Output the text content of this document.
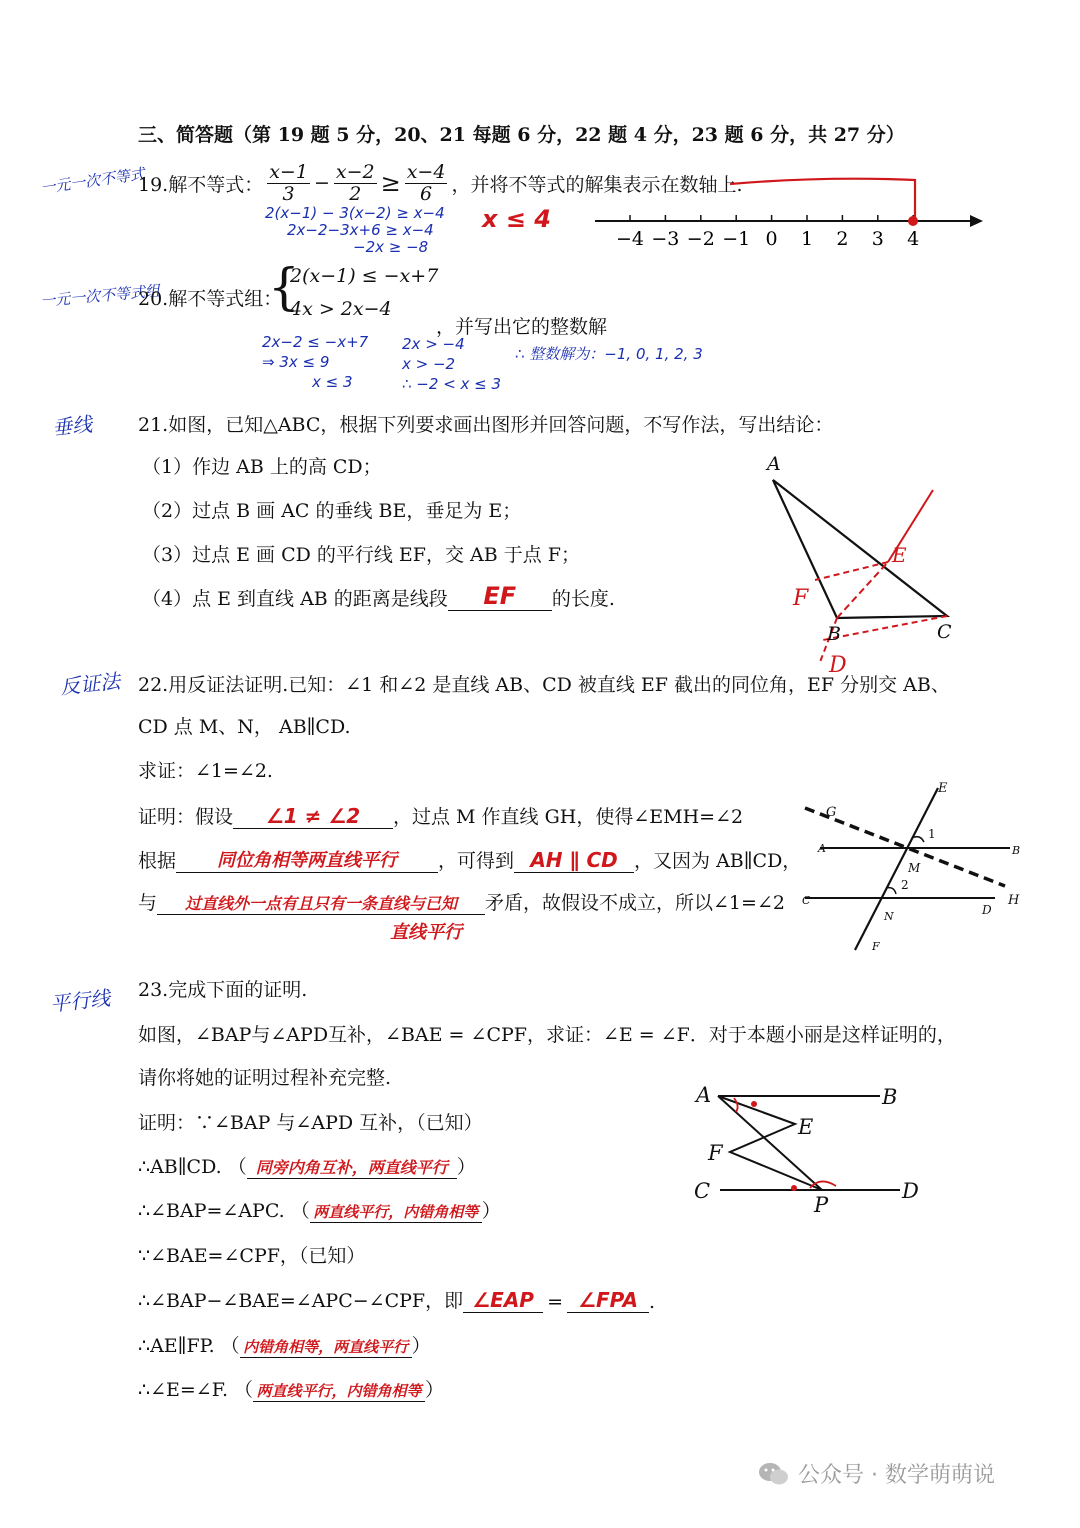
三、简答题（第 19 题 5 分，20、21 每题 6 分，22 题 4 分，23 题 6 分，共 27 分）
一元一次不等式
19.解不等式： $\frac{x-1}{3} - \frac{x-2}{2} \ge \frac{x-4}{6}$ ，并将不等式的解集表示在数轴上.
2(x−1) − 3(x−2) ≥ x−4
2x−2−3x+6 ≥ x−4
−2x ≥ −8
x ≤ 4
−4 −3 −2 −1 0 1 2 3 4
一元一次不等式组
20.解不等式组：
{
2(x−1) ≤ −x+7
4x > 2x−4
，并写出它的整数解
2x−2 ≤ −x+7
⇒ 3x ≤ 9
x ≤ 3
2x > −4
x > −2
∴ −2 < x ≤ 3
∴ 整数解为：−1, 0, 1, 2, 3
垂线 21.如图，已知△ABC，根据下列要求画出图形并回答问题，不写作法，写出结论：
（1）作边 AB 上的高 CD；
（2）过点 B 画 AC 的垂线 BE，垂足为 E；
（3）过点 E 画 CD 的平行线 EF，交 AB 于点 F；
（4）点 E 到直线 AB 的距离是线段	EF	的长度.
A
B	C
D
E
F
反证法 22.用反证法证明.已知：∠1 和∠2 是直线 AB、CD 被直线 EF 截出的同位角，EF 分别交 AB、
CD 点 M、N， AB∥CD.
求证：∠1=∠2.
证明：假设	∠1 ≠ ∠2	，过点 M 作直线 GH，使得∠EMH=∠2
根据	同位角相等两直线平行	，可得到 AH ∥ CD ，又因为 AB∥CD，
与	过直线外一点有且只有一条直线与已知	矛盾，故假设不成立，所以∠1=∠2
直线平行
E
G
A	B
M
1
2
C
D
H
N
F
平行线 23.完成下面的证明.
如图，∠BAP与∠APD互补，∠BAE = ∠CPF，求证：∠E = ∠F．对于本题小丽是这样证明的，
请你将她的证明过程补充完整.
证明：∵∠BAP 与∠APD 互补，（已知）
∴AB∥CD. （ 同旁内角互补，两直线平行 ）
∴∠BAP=∠APC. （ 两直线平行，内错角相等 ）
∵∠BAE=∠CPF，（已知）
∴∠BAP−∠BAE=∠APC−∠CPF，即 ∠EAP = ∠FPA .
∴AE∥FP. （ 内错角相等，两直线平行 ）
∴∠E=∠F. （ 两直线平行，内错角相等 ）
A	B
E
F
C
P
D
公众号 · 数学萌萌说
